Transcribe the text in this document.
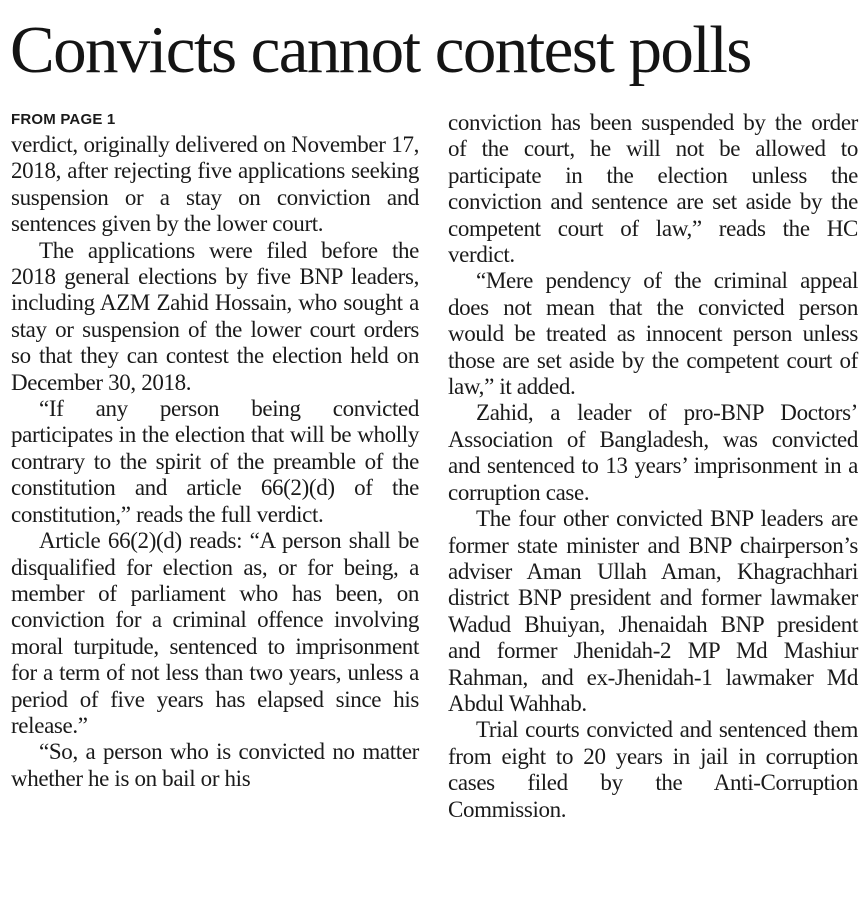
Convicts cannot contest polls
FROM PAGE 1

verdict, originally delivered on November 17, 2018, after rejecting five applications seeking suspension or a stay on conviction and sentences given by the lower court.

The applications were filed before the 2018 general elections by five BNP leaders, including AZM Zahid Hossain, who sought a stay or suspension of the lower court orders so that they can contest the election held on December 30, 2018.

“If any person being convicted participates in the election that will be wholly contrary to the spirit of the preamble of the constitution and article 66(2)(d) of the constitution,” reads the full verdict.

Article 66(2)(d) reads: “A person shall be disqualified for election as, or for being, a member of parliament who has been, on conviction for a criminal offence involving moral turpitude, sentenced to imprisonment for a term of not less than two years, unless a period of five years has elapsed since his release.”

“So, a person who is convicted no matter whether he is on bail or his

conviction has been suspended by the order of the court, he will not be allowed to participate in the election unless the conviction and sentence are set aside by the competent court of law,” reads the HC verdict.

“Mere pendency of the criminal appeal does not mean that the convicted person would be treated as innocent person unless those are set aside by the competent court of law,” it added.

Zahid, a leader of pro-BNP Doctors’ Association of Bangladesh, was convicted and sentenced to 13 years’ imprisonment in a corruption case.

The four other convicted BNP leaders are former state minister and BNP chairperson’s adviser Aman Ullah Aman, Khagrachhari district BNP president and former lawmaker Wadud Bhuiyan, Jhenaidah BNP president and former Jhenidah-2 MP Md Mashiur Rahman, and ex-Jhenidah-1 lawmaker Md Abdul Wahhab.

Trial courts convicted and sentenced them from eight to 20 years in jail in corruption cases filed by the Anti-Corruption Commission.
